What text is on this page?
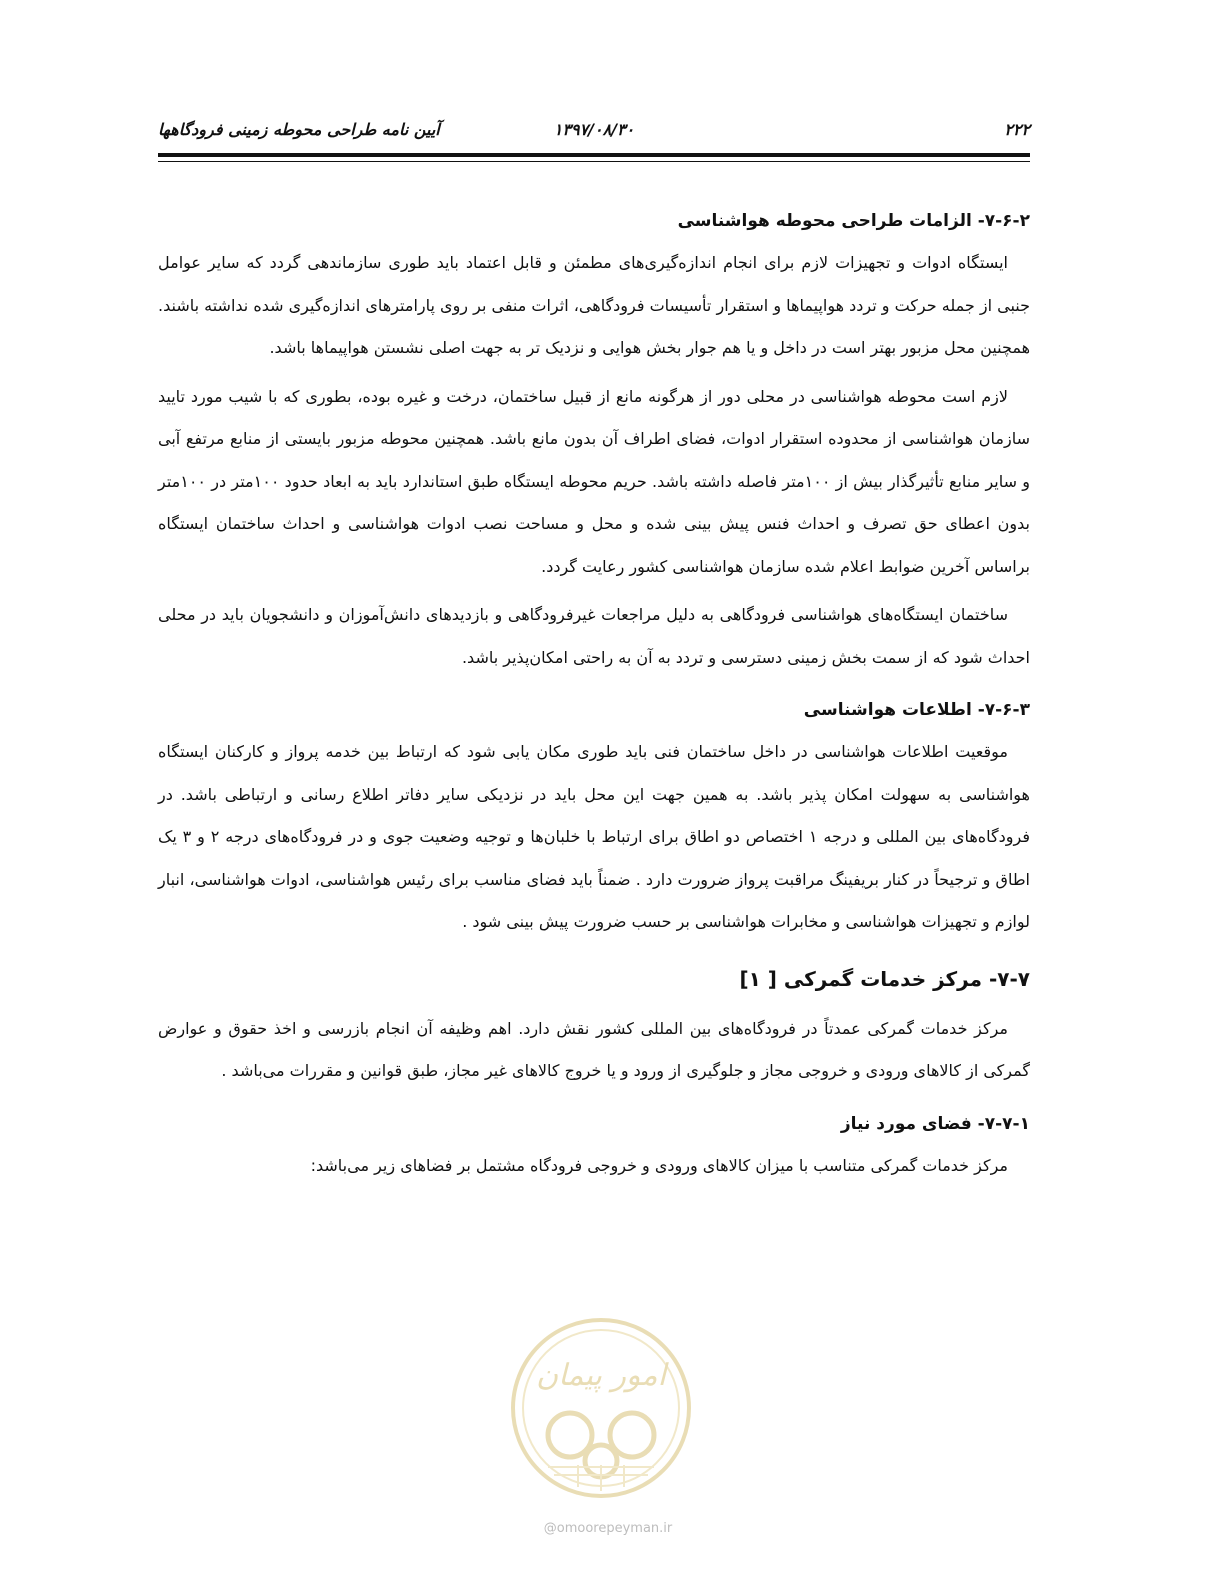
۲۲۲
۱۳۹۷/۰۸/۳۰
آیین نامه طراحی محوطه زمینی فرودگاهها
۷-۶-۲- الزامات طراحی محوطه هواشناسی

ایستگاه ادوات و تجهیزات لازم برای انجام اندازه‌گیری‌های مطمئن و قابل اعتماد باید طوری سازماندهی گردد که سایر عوامل جنبی از جمله حرکت و تردد هواپیماها و استقرار تأسیسات فرودگاهی، اثرات منفی بر روی پارامترهای اندازه‌گیری شده نداشته باشند. همچنین محل مزبور بهتر است در داخل و یا هم جوار بخش هوایی و نزدیک تر به جهت اصلی نشستن هواپیماها باشد.

لازم است محوطه هواشناسی در محلی دور از هرگونه مانع از قبیل ساختمان، درخت و غیره بوده، بطوری که با شیب مورد تایید سازمان هواشناسی از محدوده استقرار ادوات، فضای اطراف آن بدون مانع باشد. همچنین محوطه مزبور بایستی از منابع مرتفع آبی و سایر منابع تأثیرگذار بیش از ۱۰۰متر فاصله داشته باشد. حریم محوطه ایستگاه طبق استاندارد باید به ابعاد حدود ۱۰۰متر در ۱۰۰متر بدون اعطای حق تصرف و احداث فنس پیش بینی شده و محل و مساحت نصب ادوات هواشناسی و احداث ساختمان ایستگاه براساس آخرین ضوابط اعلام شده سازمان هواشناسی کشور رعایت گردد.

ساختمان ایستگاه‌های هواشناسی فرودگاهی به دلیل مراجعات غیرفرودگاهی و بازدیدهای دانش‌آموزان و دانشجویان باید در محلی احداث شود که از سمت بخش زمینی دسترسی و تردد به آن به راحتی امکان‌پذیر باشد.

۷-۶-۳- اطلاعات هواشناسی

موقعیت اطلاعات هواشناسی در داخل ساختمان فنی باید طوری مکان یابی شود که ارتباط بین خدمه پرواز و کارکنان ایستگاه هواشناسی به سهولت امکان پذیر باشد. به همین جهت این محل باید در نزدیکی سایر دفاتر اطلاع رسانی و ارتباطی باشد. در فرودگاه‌های بین المللی و درجه ۱ اختصاص دو اطاق برای ارتباط با خلبان‌ها و توجیه وضعیت جوی و در فرودگاه‌های درجه ۲ و ۳ یک اطاق و ترجیحاً در کنار بریفینگ مراقبت پرواز ضرورت دارد . ضمناً باید فضای مناسب برای رئیس هواشناسی، ادوات هواشناسی، انبار لوازم و تجهیزات هواشناسی و مخابرات هواشناسی بر حسب ضرورت پیش بینی شود .

۷-۷- مرکز خدمات گمرکی [ ۱]

مرکز خدمات گمرکی عمدتاً در فرودگاه‌های بین المللی کشور نقش دارد. اهم وظیفه آن انجام بازرسی و اخذ حقوق و عوارض گمرکی از کالاهای ورودی و خروجی مجاز و جلوگیری از ورود و یا خروج کالاهای غیر مجاز، طبق قوانین و مقررات می‌باشد .

۷-۷-۱- فضای مورد نیاز

مرکز خدمات گمرکی متناسب با میزان کالاهای ورودی و خروجی فرودگاه مشتمل بر فضاهای زیر می‌باشد:

امور پیمان
@omoorepeyman.ir
